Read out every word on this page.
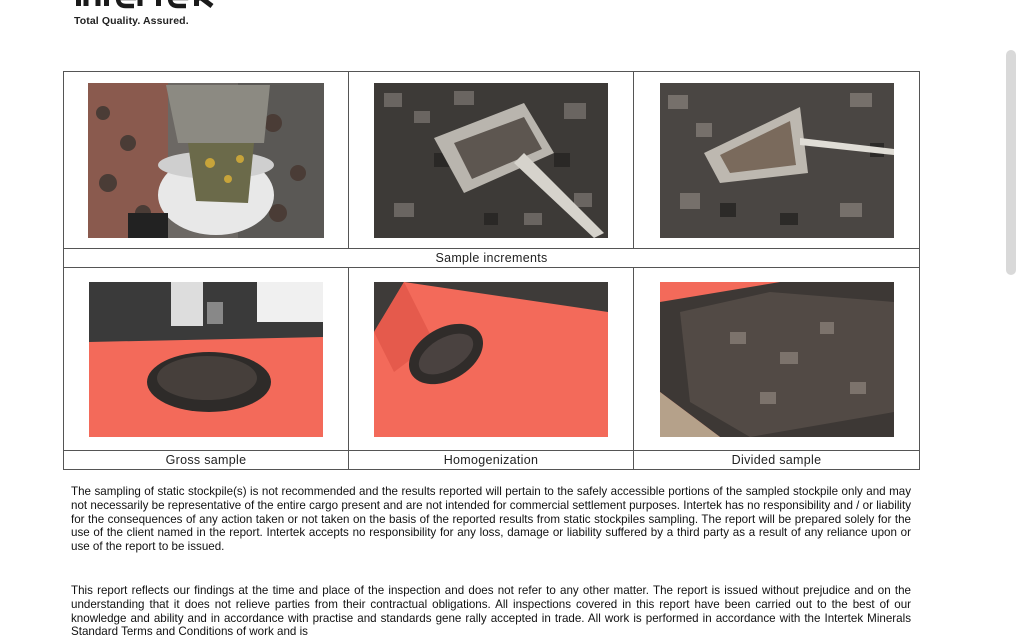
Total Quality. Assured.

Sample increments		

Gross sample	Homogenization	Divided sample
The sampling of static stockpile(s) is not recommended and the results reported will pertain to the safely accessible portions of the sampled stockpile only and may not necessarily be representative of the entire cargo present and are not intended for commercial settlement purposes. Intertek has no responsibility and / or liability for the consequences of any action taken or not taken on the basis of the reported results from static stockpiles sampling. The report will be prepared solely for the use of the client named in the report. Intertek accepts no responsibility for any loss, damage or liability suffered by a third party as a result of any reliance upon or use of the report to be issued.
This report reflects our findings at the time and place of the inspection and does not refer to any other matter. The report is issued without prejudice and on the understanding that it does not relieve parties from their contractual obligations. All inspections covered in this report have been carried out to the best of our knowledge and ability and in accordance with practise and standards gene rally accepted in trade. All work is performed in accordance with the Intertek Minerals Standard Terms and Conditions of work and is
